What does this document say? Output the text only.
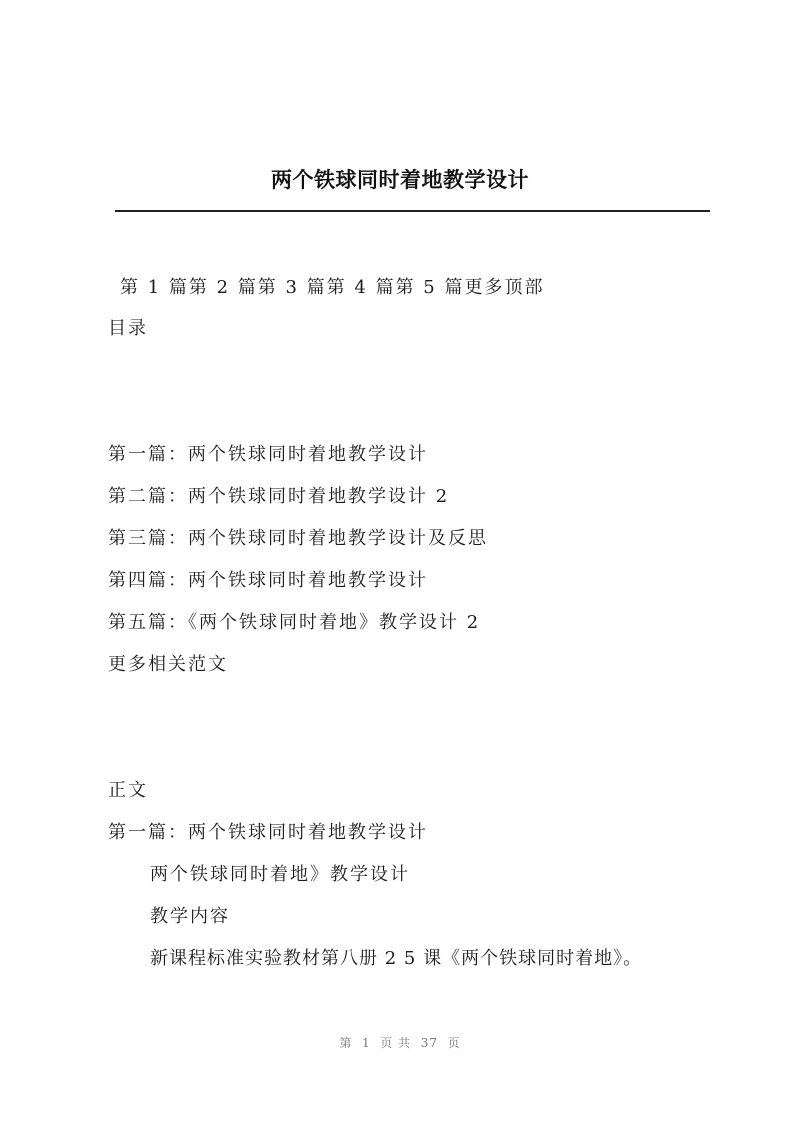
两个铁球同时着地教学设计
第 1 篇第 2 篇第 3 篇第 4 篇第 5 篇更多顶部
目录
第一篇：两个铁球同时着地教学设计
第二篇：两个铁球同时着地教学设计 2
第三篇：两个铁球同时着地教学设计及反思
第四篇：两个铁球同时着地教学设计
第五篇：《两个铁球同时着地》教学设计 2
更多相关范文
正文
第一篇：两个铁球同时着地教学设计
两个铁球同时着地》教学设计
教学内容
新课程标准实验教材第八册 2 5 课《两个铁球同时着地》。
第  1  页 共  37  页
